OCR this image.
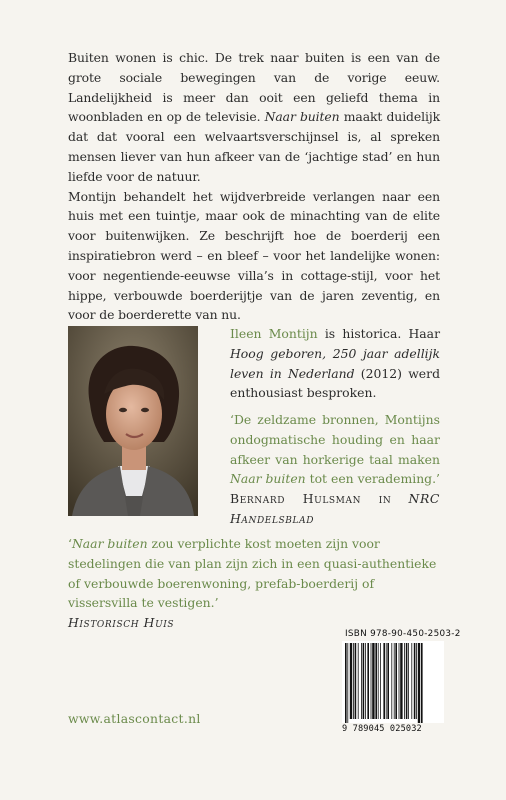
Buiten wonen is chic. De trek naar buiten is een van de grote sociale bewegingen van de vorige eeuw. Landelijkheid is meer dan ooit een geliefd thema in woonbladen en op de televisie. Naar buiten maakt duidelijk dat dat vooral een welvaartsverschijnsel is, al spreken mensen liever van hun afkeer van de ‘jachtige stad’ en hun liefde voor de natuur.

Montijn behandelt het wijdverbreide verlangen naar een huis met een tuintje, maar ook de minachting van de elite voor buitenwijken. Ze beschrijft hoe de boerderij een inspiratiebron werd – en bleef – voor het landelijke wonen: voor negentiende-eeuwse villa’s in cottage-stijl, voor het hippe, verbouwde boerderijtje van de jaren zeventig, en voor de boerderette van nu.

Ileen Montijn is historica. Haar Hoog geboren, 250 jaar adellijk leven in Nederland (2012) werd enthousiast besproken.

‘De zeldzame bronnen, Montijns ondogmatische houding en haar afkeer van horkerige taal maken Naar buiten tot een verademing.’ Bernard Hulsman in NRC Handelsblad

‘Naar buiten zou verplichte kost moeten zijn voor stedelingen die van plan zijn zich in een quasi-authentieke of verbouwde boerenwoning, prefab-boerderij of vissersvilla te vestigen.’

Historisch Huis

ISBN 978-90-450-2503-2
9 789045 025032
www.atlascontact.nl
